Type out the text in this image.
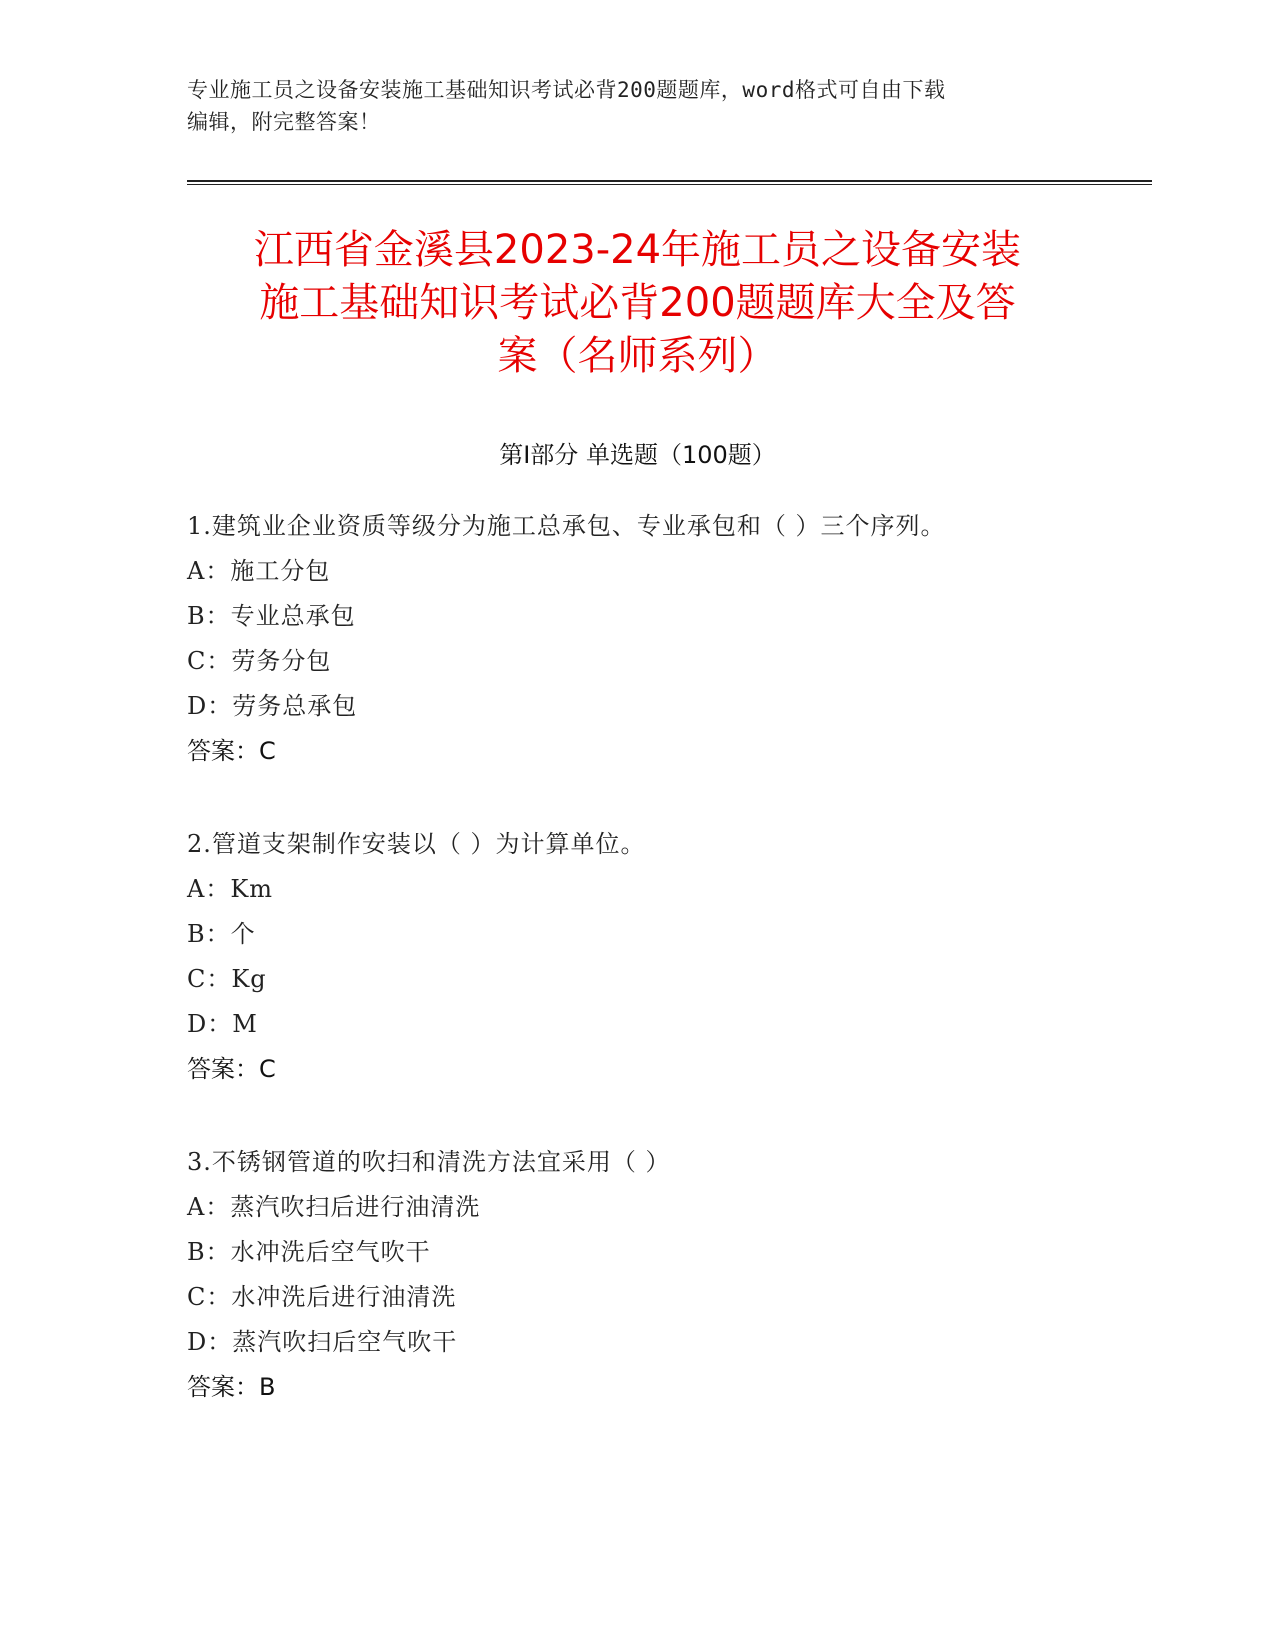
专业施工员之设备安装施工基础知识考试必背200题题库，word格式可自由下载
编辑，附完整答案！
江西省金溪县2023-24年施工员之设备安装
施工基础知识考试必背200题题库大全及答
案（名师系列）
第Ⅰ部分 单选题（100题）
1.建筑业企业资质等级分为施工总承包、专业承包和（ ）三个序列。
A：施工分包
B：专业总承包
C：劳务分包
D：劳务总承包
答案：C
2.管道支架制作安装以（ ）为计算单位。
A：Km
B：个
C：Kg
D：M
答案：C
3.不锈钢管道的吹扫和清洗方法宜采用（ ）
A：蒸汽吹扫后进行油清洗
B：水冲洗后空气吹干
C：水冲洗后进行油清洗
D：蒸汽吹扫后空气吹干
答案：B
